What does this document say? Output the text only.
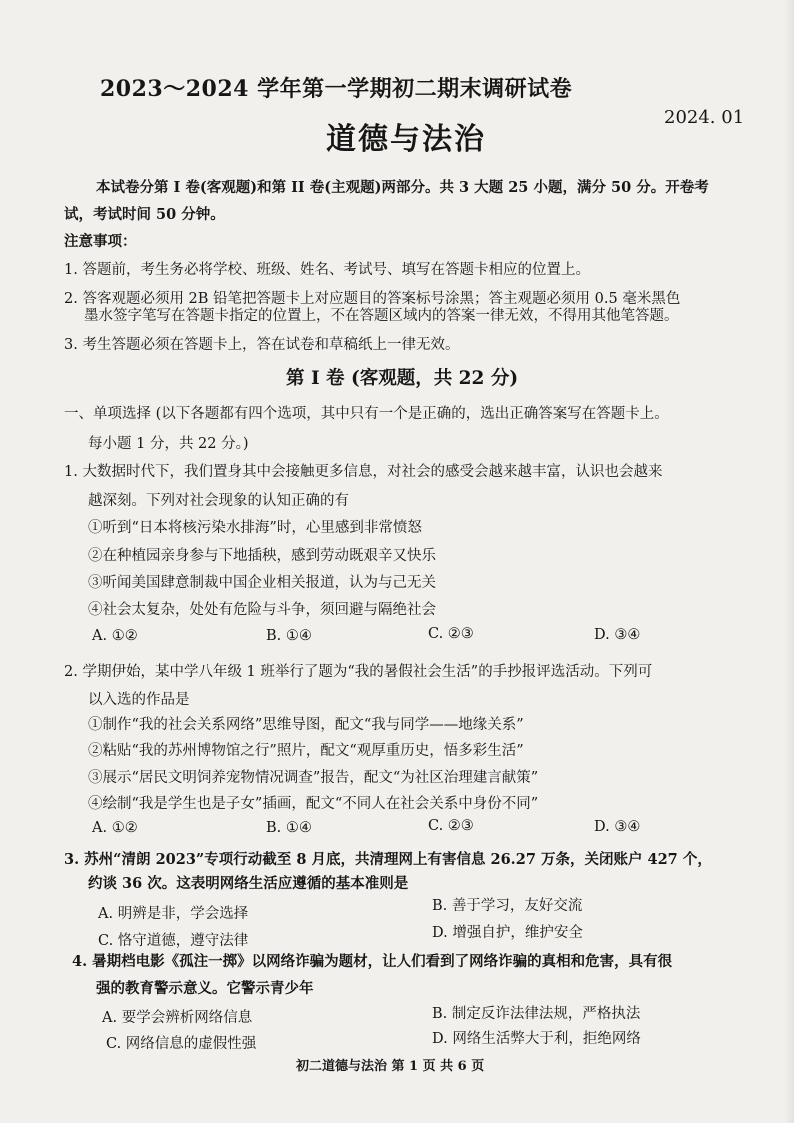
2023～2024 学年第一学期初二期末调研试卷
2024. 01
道德与法治
本试卷分第 I 卷(客观题)和第 II 卷(主观题)两部分。共 3 大题 25 小题，满分 50 分。开卷考
试，考试时间 50 分钟。
注意事项：
1. 答题前，考生务必将学校、班级、姓名、考试号、填写在答题卡相应的位置上。
2. 答客观题必须用 2B 铅笔把答题卡上对应题目的答案标号涂黑；答主观题必须用 0.5 毫米黑色
墨水签字笔写在答题卡指定的位置上，不在答题区域内的答案一律无效，不得用其他笔答题。
3. 考生答题必须在答题卡上，答在试卷和草稿纸上一律无效。
第 I 卷 (客观题，共 22 分)
一、单项选择 (以下各题都有四个选项，其中只有一个是正确的，选出正确答案写在答题卡上。
每小题 1 分，共 22 分。)
1. 大数据时代下，我们置身其中会接触更多信息，对社会的感受会越来越丰富，认识也会越来
越深刻。下列对社会现象的认知正确的有
①听到“日本将核污染水排海”时，心里感到非常愤怒
②在种植园亲身参与下地插秧，感到劳动既艰辛又快乐
③听闻美国肆意制裁中国企业相关报道，认为与己无关
④社会太复杂，处处有危险与斗争，须回避与隔绝社会
A. ①②	B. ①④	C. ②③	D. ③④
2. 学期伊始，某中学八年级 1 班举行了题为“我的暑假社会生活”的手抄报评选活动。下列可
以入选的作品是
①制作“我的社会关系网络”思维导图，配文“我与同学——地缘关系”
②粘贴“我的苏州博物馆之行”照片，配文“观厚重历史，悟多彩生活”
③展示“居民文明饲养宠物情况调查”报告，配文“为社区治理建言献策”
④绘制“我是学生也是子女”插画，配文“不同人在社会关系中身份不同”
A. ①②	B. ①④	C. ②③	D. ③④
3. 苏州“清朗 2023”专项行动截至 8 月底，共清理网上有害信息 26.27 万条，关闭账户 427 个，
约谈 36 次。这表明网络生活应遵循的基本准则是
A. 明辨是非，学会选择	B. 善于学习，友好交流
C. 恪守道德，遵守法律	D. 增强自护，维护安全
4. 暑期档电影《孤注一掷》以网络诈骗为题材，让人们看到了网络诈骗的真相和危害，具有很
强的教育警示意义。它警示青少年
A. 要学会辨析网络信息	B. 制定反诈法律法规，严格执法
C. 网络信息的虚假性强	D. 网络生活弊大于利，拒绝网络
初二道德与法治 第 1 页 共 6 页
